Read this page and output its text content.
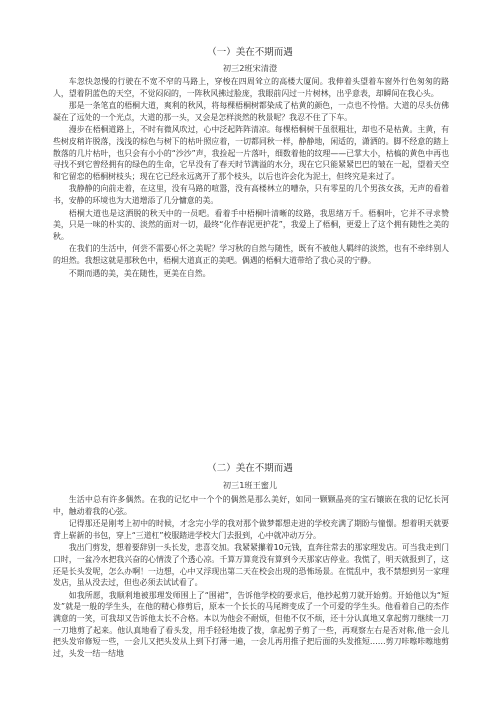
（一）美在不期而遇
初三2班宋清澄

车忽快忽慢的行驶在不宽不窄的马路上，穿梭在四周耸立的高楼大厦间。我伸着头望着车窗外行色匆匆的路人，望着阴蓝色的天空，不觉闷闷的，一阵秋风拂过脸庞，我眼前闪过一片树林，出乎意表，却瞬间在我心头。

那是一条笔直的梧桐大道，爽利的秋风，将每棵梧桐树都染成了枯黄的颜色，一点也不怜惜。大道的尽头仿佛凝在了远处的一个光点，大道的那一头，又会是怎样淡然的秋景呢？我忍不住了下车。

漫步在梧桐道路上，不时有微风吹过，心中泛起阵阵清凉。每棵梧桐树干虽很粗壮，却也不是枯黄。主黄，有些树皮稍许脱落，浅浅的棕色与树下的枯叶照应着，一切都同秋一样，静静地，闲适的，潇洒的。脚不经意的踏上散落的几片枯叶，也只会有小小的“沙沙”声，我捡起一片落叶，细数着他的纹理——已掌大小，枯槁的黄色中再也寻找不到它曾经拥有的绿色的生命，它早没有了春天时节满溢的水分，现在它只能紧紧巴巴的皱在一起，望着天空和它留恋的梧桐树枝头；现在它已经永远离开了那个枝头，以后也许会化为泥土，但终究是来过了。

我静静的向前走着，在这里，没有马路的喧嚣，没有高楼林立的嘈杂，只有零星的几个男孩女孩，无声的看着书，安静的环境也为大道增添了几分慵意的美。

梧桐大道也是这洒脱的秋天中的一员吧。看着手中梧桐叶清晰的纹路，我思绪万千。梧桐叶，它并不寻求赞美，只是一味的朴实的、淡然的面对一切，最终“化作春泥更护花”，我爱上了梧桐，更爱上了这个拥有随性之美的秋。

在我们的生活中，何尝不需要心怀之美呢？学习秋的自然与随性，既有不被他人羁绊的淡然，也有不牵绊别人的坦然。我想这就是那秋色中，梧桐大道真正的美吧。偶遇的梧桐大道带给了我心灵的宁静。

不期而遇的美，美在随性，更美在自然。

（二）美在不期而遇
初三1班王蜜儿

生活中总有许多偶然。在我的记忆中一个个的偶然是那么美好，如同一颗颗晶亮的宝石镶嵌在我的记忆长河中，触动着我的心弦。

记得那还是刚考上初中的时候，才念完小学的我对那个做梦都想走进的学校充满了期盼与憧憬。想着明天就要背上崭新的书包，穿上“三道杠”校服踏进学校大门去报到，心中就冲动万分。

我出门剪发，想着要辞别一头长发，悲喜交加。我紧紧攥着10元钱，直奔往常去的那家理发店。可当我走到门口时，一盆冷水把我兴奋的心情泼了个透心凉。千算万算竟没有算到今天那家店停业。我慌了，明天就报到了，这还是长头发呢，怎么办啊！一边想，心中又浮现出第二天在校会出现的恐怖场景。在慌乱中，我不禁想到另一家理发店，虽从没去过，但也必须去试试看了。

如我所愿，我顺利地被那理发师围上了“围裙”，告诉他学校的要求后，他抄起剪刀就开始剪。开始他以为“短发”就是一般的学生头，在他的精心修剪后，原本一个长长的马尾辫变成了一个可爱的学生头。他看着自己的杰作满意的一笑，可我却又告诉他太长不合格。本以为他会不耐烦，但他不仅不烦，还十分认真地又拿起剪刀继续一刀一刀地剪了起来。他认真地看了看头发，用手轻轻地拨了拨，拿起剪子剪了一些，再观察左右是否对称,他一会儿把头发帘修短一些，一会儿又把头发从上到下打薄一遍，一会儿再用推子把后面的头发推短……剪刀咔嚓咔嚓地剪过，头发一结一结地
